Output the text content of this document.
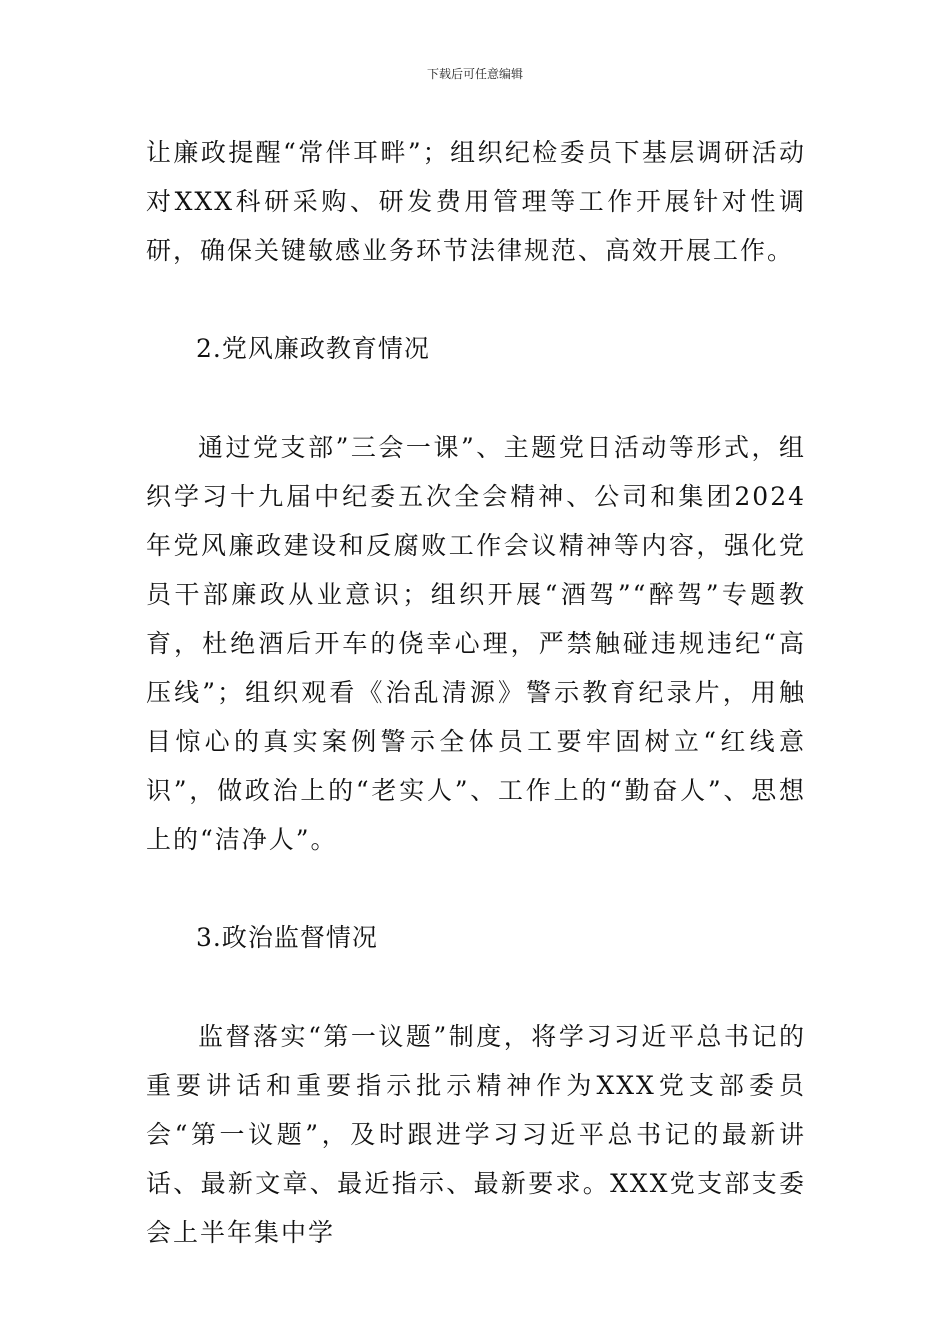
下载后可任意编辑

让廉政提醒“常伴耳畔”；组织纪检委员下基层调研活动对XXX科研采购、研发费用管理等工作开展针对性调研，确保关键敏感业务环节法律规范、高效开展工作。

2.党风廉政教育情况

通过党支部”三会一课”、主题党日活动等形式，组织学习十九届中纪委五次全会精神、公司和集团2024年党风廉政建设和反腐败工作会议精神等内容，强化党员干部廉政从业意识；组织开展“酒驾”“醉驾”专题教育，杜绝酒后开车的侥幸心理，严禁触碰违规违纪“高压线”；组织观看《治乱清源》警示教育纪录片，用触目惊心的真实案例警示全体员工要牢固树立“红线意识”，做政治上的“老实人”、工作上的“勤奋人”、思想上的“洁净人”。

3.政治监督情况

监督落实“第一议题”制度，将学习习近平总书记的重要讲话和重要指示批示精神作为XXX党支部委员会“第一议题”，及时跟进学习习近平总书记的最新讲话、最新文章、最近指示、最新要求。XXX党支部支委会上半年集中学
